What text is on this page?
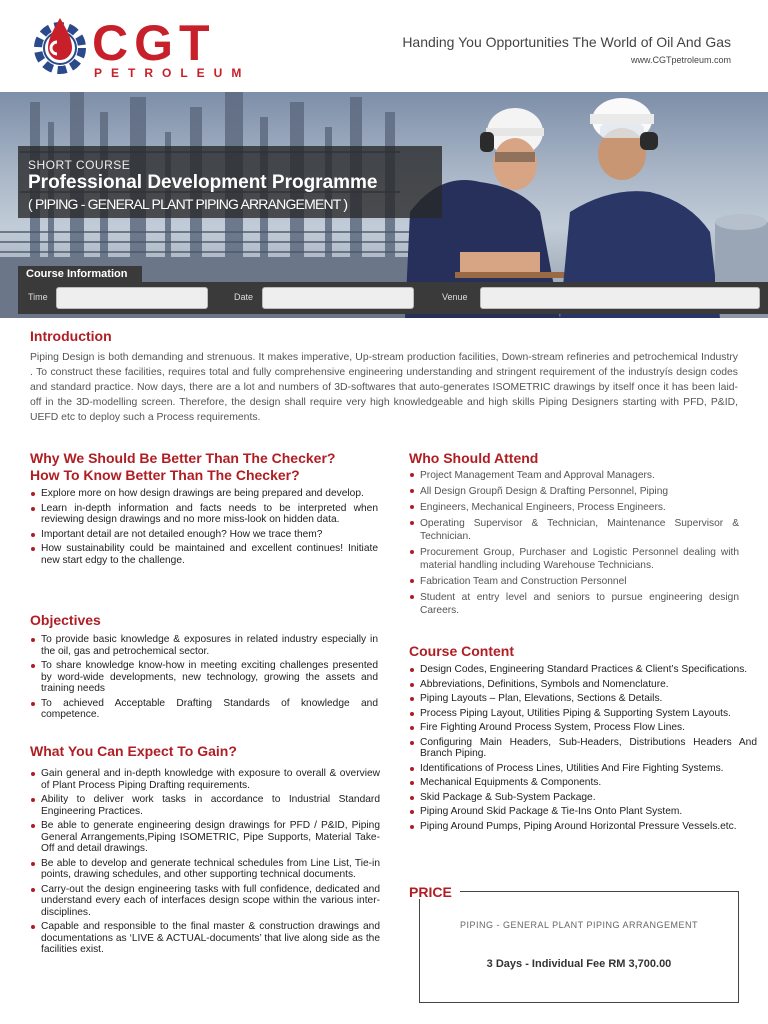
CGT
PETROLEUM
Handing You Opportunities The World of Oil And Gas
www.CGTpetroleum.com
SHORT COURSE
Professional Development Programme
( PIPING - GENERAL PLANT PIPING ARRANGEMENT )
Course Information
Time	Date	Venue
Introduction

Piping Design is both demanding and strenuous. It makes imperative, Up-stream production facilities, Down-stream refineries and petrochemical Industry . To construct these facilities, requires total and fully comprehensive engineering understanding and stringent requirement of the industryís design codes and standard practice. Now days, there are a lot and numbers of 3D-softwares that auto-generates ISOMETRIC drawings by itself once it has been laid-off in the 3D-modelling screen. Therefore, the design shall require very high knowledgeable and high skills Piping Designers starting with PFD, P&ID, UEFD etc to deploy such a Process requirements.

Why We Should Be Better Than The Checker?
How To Know Better Than The Checker?
Explore more on how design drawings are being prepared and develop.
Learn in-depth information and facts needs to be interpreted when reviewing design drawings and no more miss-look on hidden data.
Important detail are not detailed enough? How we trace them?
How sustainability could be maintained and excellent continues! Initiate new start edgy to the challenge.
Objectives
To provide basic knowledge & exposures in related industry especially in the oil, gas and petrochemical sector.
To share knowledge know-how in meeting exciting challenges presented by word-wide developments, new technology, growing the assets and training needs
To achieved Acceptable Drafting Standards of knowledge and competence.
What You Can Expect To Gain?
Gain general and in-depth knowledge with exposure to overall & overview of Plant Process Piping Drafting requirements.
Ability to deliver work tasks in accordance to Industrial Standard Engineering Practices.
Be able to generate engineering design drawings for PFD / P&ID, Piping General Arrangements,Piping ISOMETRIC, Pipe Supports, Material Take-Off and detail drawings.
Be able to develop and generate technical schedules from Line List, Tie-in points, drawing schedules, and other supporting technical documents.
Carry-out the design engineering tasks with full confidence, dedicated and understand every each of interfaces design scope within the various inter-disciplines.
Capable and responsible to the final master & construction drawings and documentations as ‘LIVE & ACTUAL-documents’ that live along side as the facilities exist.
Who Should Attend
Project Management Team and Approval Managers.
All Design Groupñ Design & Drafting Personnel, Piping
Engineers, Mechanical Engineers, Process Engineers.
Operating Supervisor & Technician, Maintenance Supervisor & Technician.
Procurement Group, Purchaser and Logistic Personnel dealing with material handling including Warehouse Technicians.
Fabrication Team and Construction Personnel
Student at entry level and seniors to pursue engineering design Careers.
Course Content
Design Codes, Engineering Standard Practices & Client’s Specifications.
Abbreviations, Definitions, Symbols and Nomenclature.
Piping Layouts – Plan, Elevations, Sections & Details.
Process Piping Layout, Utilities Piping & Supporting System Layouts.
Fire Fighting Around Process System, Process Flow Lines.
Configuring Main Headers, Sub-Headers, Distributions Headers And Branch Piping.
Identifications of Process Lines, Utilities And Fire Fighting Systems.
Mechanical Equipments & Components.
Skid Package & Sub-System Package.
Piping Around Skid Package & Tie-Ins Onto Plant System.
Piping Around Pumps, Piping Around Horizontal Pressure Vessels.etc.
PIPING - GENERAL PLANT PIPING ARRANGEMENT
3 Days - Individual Fee RM 3,700.00
PRICE
